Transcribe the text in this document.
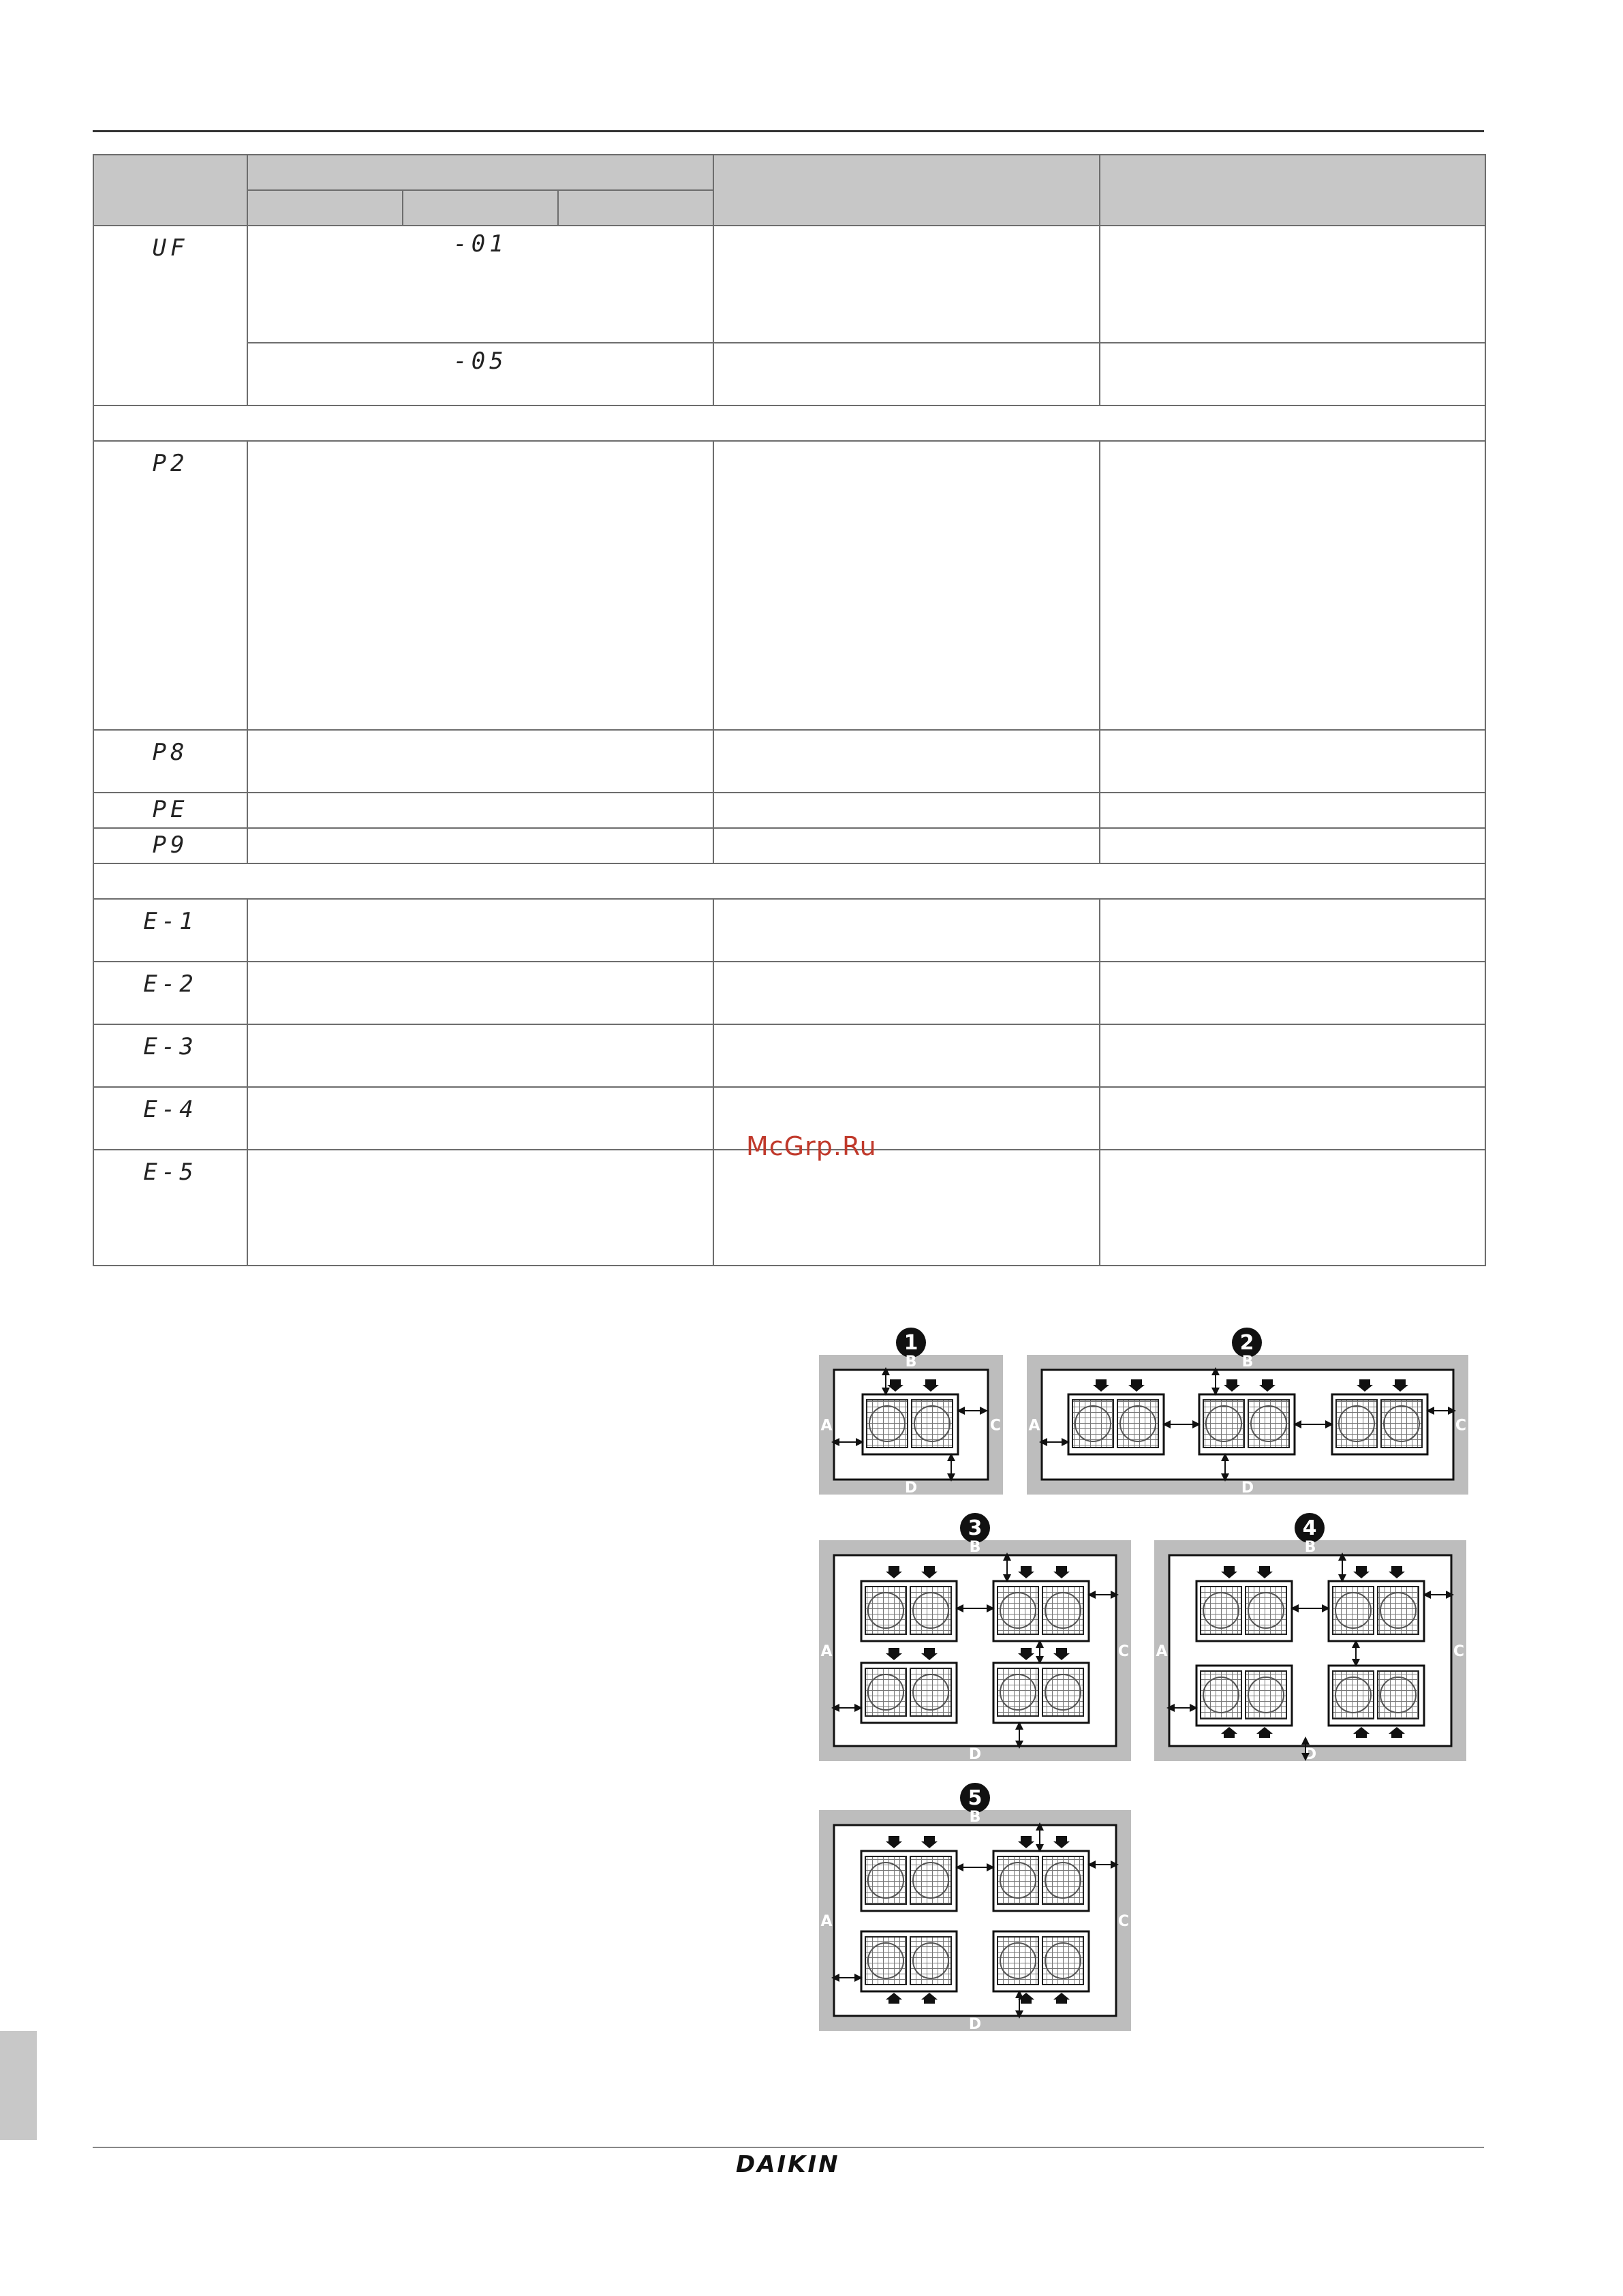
UF	-01				
	-05				

P2					
P8					
PE					
P9					

E-1					
E-2					
E-3					
E-4					
E-5					
McGrp.Ru
1
A
B
C
D
2
A
B
C
D
3
A
B
C
D
4
A
B
C
D
5
A
B
C
D
DAIKIN
